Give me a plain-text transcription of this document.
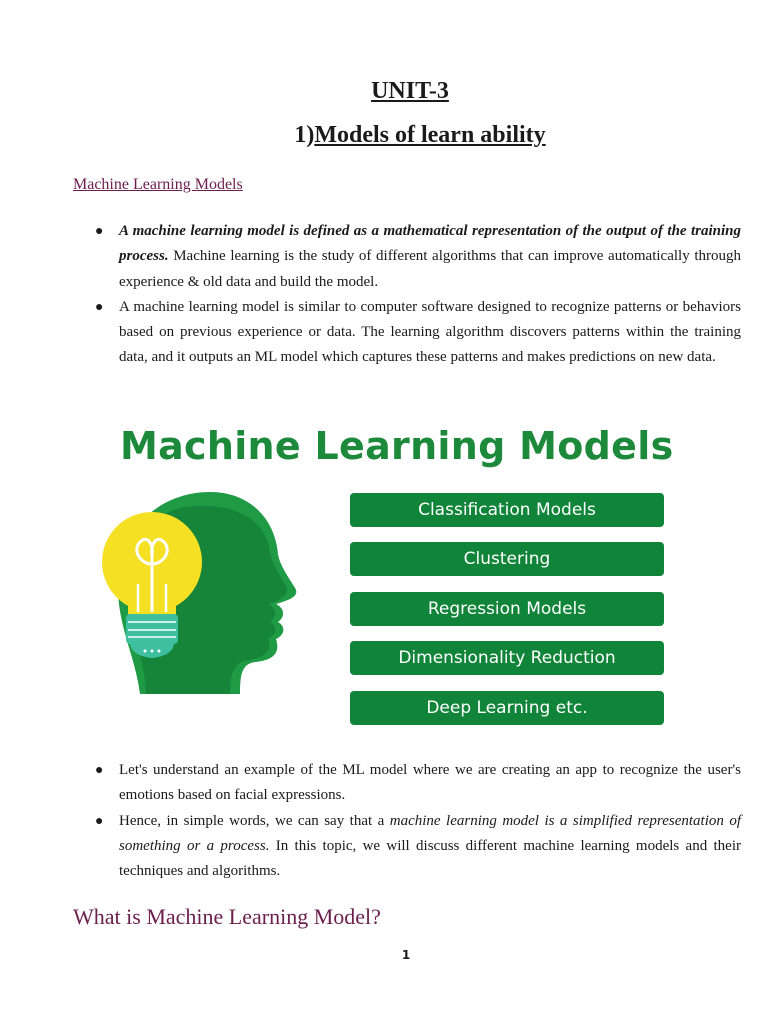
UNIT-3
1)Models of learn ability
Machine Learning Models
● A machine learning model is defined as a mathematical representation of the output of the training process. Machine learning is the study of different algorithms that can improve automatically through experience & old data and build the model.
● A machine learning model is similar to computer software designed to recognize patterns or behaviors based on previous experience or data. The learning algorithm discovers patterns within the training data, and it outputs an ML model which captures these patterns and makes predictions on new data.
Machine Learning Models
Classification Models
Clustering
Regression Models
Dimensionality Reduction
Deep Learning etc.
● Let's understand an example of the ML model where we are creating an app to recognize the user's emotions based on facial expressions.
● Hence, in simple words, we can say that a machine learning model is a simplified representation of something or a process. In this topic, we will discuss different machine learning models and their techniques and algorithms.
What is Machine Learning Model?
1
